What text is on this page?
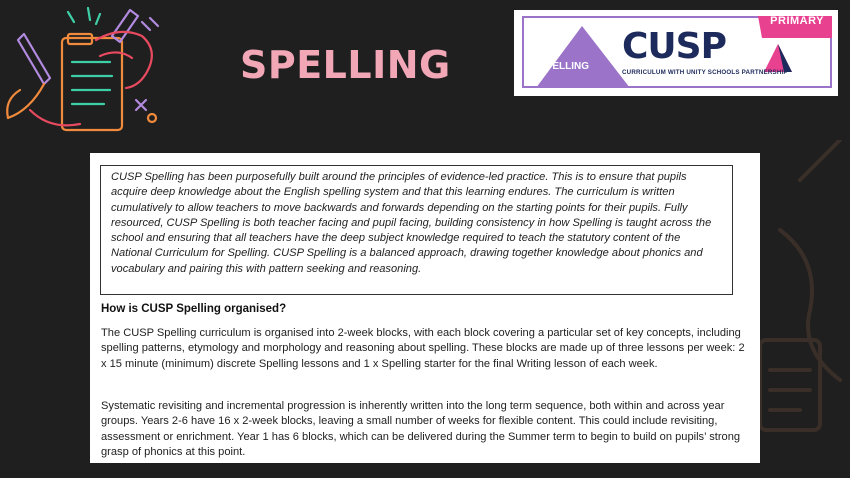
SPELLING
PRIMARY
SPELLING CUSP
CURRICULUM WITH UNITY SCHOOLS PARTNERSHIP
CUSP Spelling has been purposefully built around the principles of evidence-led practice. This is to ensure that pupils acquire deep knowledge about the English spelling system and that this learning endures. The curriculum is written cumulatively to allow teachers to move backwards and forwards depending on the starting points for their pupils. Fully resourced, CUSP Spelling is both teacher facing and pupil facing, building consistency in how Spelling is taught across the school and ensuring that all teachers have the deep subject knowledge required to teach the statutory content of the National Curriculum for Spelling. CUSP Spelling is a balanced approach, drawing together knowledge about phonics and vocabulary and pairing this with pattern seeking and reasoning.
How is CUSP Spelling organised?
The CUSP Spelling curriculum is organised into 2-week blocks, with each block covering a particular set of key concepts, including spelling patterns, etymology and morphology and reasoning about spelling. These blocks are made up of three lessons per week: 2 x 15 minute (minimum) discrete Spelling lessons and 1 x Spelling starter for the final Writing lesson of each week.
Systematic revisiting and incremental progression is inherently written into the long term sequence, both within and across year groups. Years 2-6 have 16 x 2-week blocks, leaving a small number of weeks for flexible content. This could include revisiting, assessment or enrichment. Year 1 has 6 blocks, which can be delivered during the Summer term to begin to build on pupils’ strong grasp of phonics at this point.
